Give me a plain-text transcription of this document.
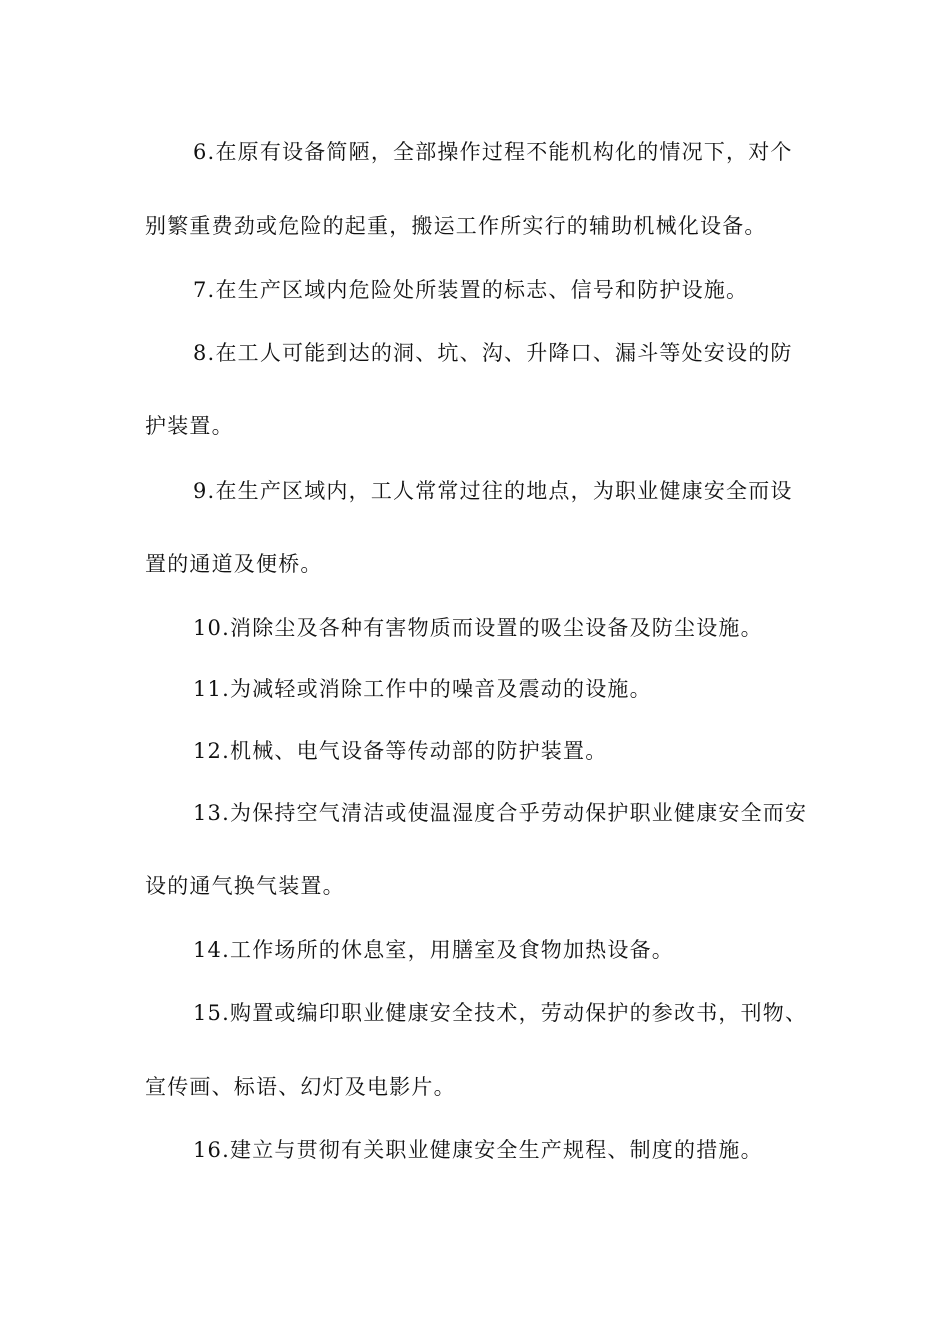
6.在原有设备简陋，全部操作过程不能机构化的情况下，对个
别繁重费劲或危险的起重，搬运工作所实行的辅助机械化设备。
7.在生产区域内危险处所装置的标志、信号和防护设施。
8.在工人可能到达的洞、坑、沟、升降口、漏斗等处安设的防
护装置。
9.在生产区域内，工人常常过往的地点，为职业健康安全而设
置的通道及便桥。
10.消除尘及各种有害物质而设置的吸尘设备及防尘设施。
11.为减轻或消除工作中的噪音及震动的设施。
12.机械、电气设备等传动部的防护装置。
13.为保持空气清洁或使温湿度合乎劳动保护职业健康安全而安
设的通气换气装置。
14.工作场所的休息室，用膳室及食物加热设备。
15.购置或编印职业健康安全技术，劳动保护的参改书，刊物、
宣传画、标语、幻灯及电影片。
16.建立与贯彻有关职业健康安全生产规程、制度的措施。
